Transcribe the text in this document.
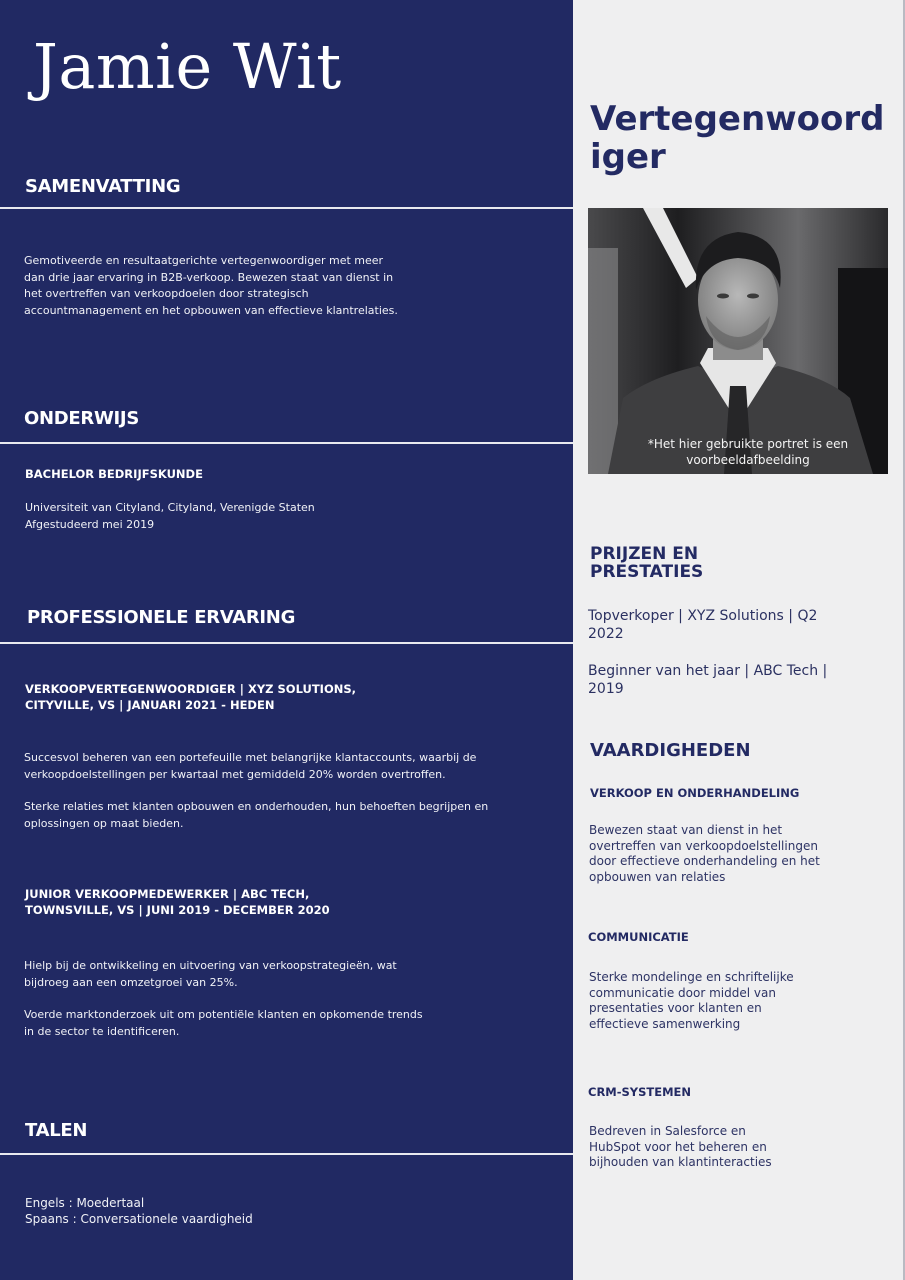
Jamie Wit
SAMENVATTING
Gemotiveerde en resultaatgerichte vertegenwoordiger met meer dan drie jaar ervaring in B2B-verkoop. Bewezen staat van dienst in het overtreffen van verkoopdoelen door strategisch accountmanagement en het opbouwen van effectieve klantrelaties.
ONDERWIJS
BACHELOR BEDRIJFSKUNDE
Universiteit van Cityland, Cityland, Verenigde Staten
Afgestudeerd mei 2019
PROFESSIONELE ERVARING
VERKOOPVERTEGENWOORDIGER | XYZ SOLUTIONS,
CITYVILLE, VS | JANUARI 2021 - HEDEN
Succesvol beheren van een portefeuille met belangrijke klantaccounts, waarbij de verkoopdoelstellingen per kwartaal met gemiddeld 20% worden overtroffen.
Sterke relaties met klanten opbouwen en onderhouden, hun behoeften begrijpen en oplossingen op maat bieden.
JUNIOR VERKOOPMEDEWERKER | ABC TECH,
TOWNSVILLE, VS | JUNI 2019 - DECEMBER 2020
Hielp bij de ontwikkeling en uitvoering van verkoopstrategieën, wat bijdroeg aan een omzetgroei van 25%.
Voerde marktonderzoek uit om potentiële klanten en opkomende trends in de sector te identificeren.
TALEN
Engels : Moedertaal
Spaans : Conversationele vaardigheid
Vertegenwoordiger
*Het hier gebruikte portret is een voorbeeldafbeelding
PRIJZEN EN
PRESTATIES
Topverkoper | XYZ Solutions | Q2 2022
Beginner van het jaar | ABC Tech | 2019
VAARDIGHEDEN
VERKOOP EN ONDERHANDELING
Bewezen staat van dienst in het overtreffen van verkoopdoelstellingen door effectieve onderhandeling en het opbouwen van relaties
COMMUNICATIE
Sterke mondelinge en schriftelijke communicatie door middel van presentaties voor klanten en effectieve samenwerking
CRM-SYSTEMEN
Bedreven in Salesforce en HubSpot voor het beheren en bijhouden van klantinteracties
